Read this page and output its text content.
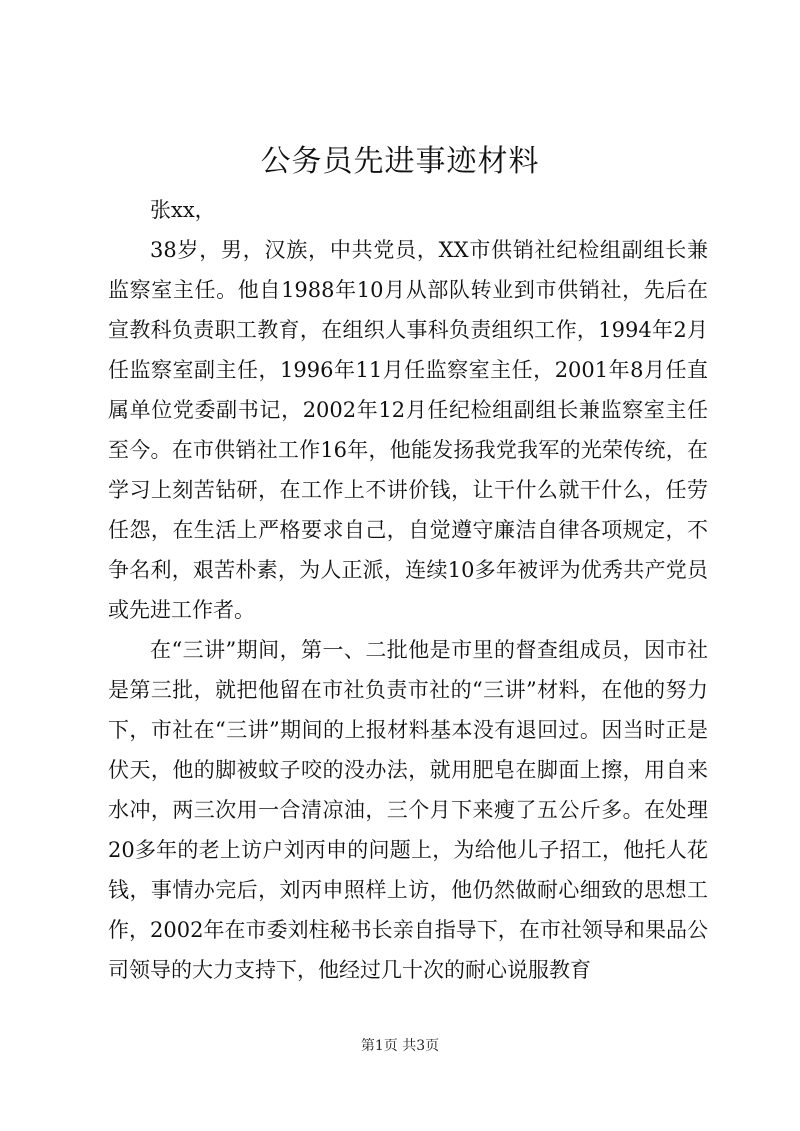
公务员先进事迹材料

张xx，

38岁，男，汉族，中共党员，XX市供销社纪检组副组长兼监察室主任。他自1988年10月从部队转业到市供销社，先后在宣教科负责职工教育，在组织人事科负责组织工作，1994年2月任监察室副主任，1996年11月任监察室主任，2001年8月任直属单位党委副书记，2002年12月任纪检组副组长兼监察室主任至今。在市供销社工作16年，他能发扬我党我军的光荣传统，在学习上刻苦钻研，在工作上不讲价钱，让干什么就干什么，任劳任怨，在生活上严格要求自己，自觉遵守廉洁自律各项规定，不争名利，艰苦朴素，为人正派，连续10多年被评为优秀共产党员或先进工作者。

在“三讲”期间，第一、二批他是市里的督查组成员，因市社是第三批，就把他留在市社负责市社的“三讲”材料，在他的努力下，市社在“三讲”期间的上报材料基本没有退回过。因当时正是伏天，他的脚被蚊子咬的没办法，就用肥皂在脚面上擦，用自来水冲，两三次用一合清凉油，三个月下来瘦了五公斤多。在处理20多年的老上访户刘丙申的问题上，为给他儿子招工，他托人花钱，事情办完后，刘丙申照样上访，他仍然做耐心细致的思想工作，2002年在市委刘柱秘书长亲自指导下，在市社领导和果品公司领导的大力支持下，他经过几十次的耐心说服教育

第1页 共3页
